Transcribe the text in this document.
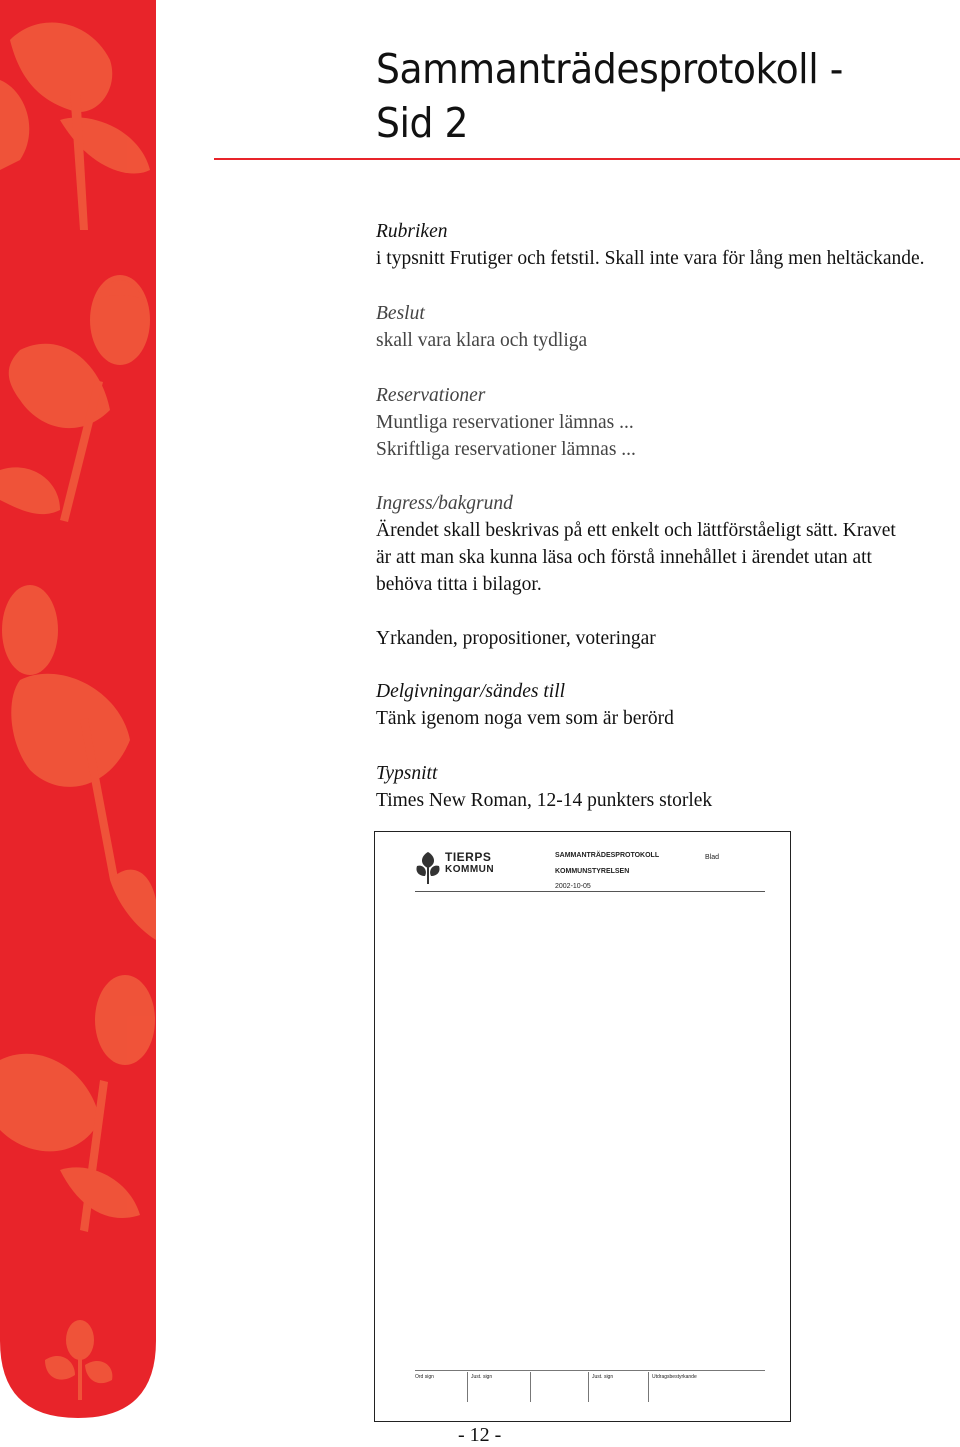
Sammanträdesprotokoll -
Sid 2
Rubriken
i typsnitt Frutiger och fetstil. Skall inte vara för lång men heltäckande.
Beslut
skall vara klara och tydliga
Reservationer
Muntliga reservationer lämnas ...
Skriftliga reservationer lämnas ...
Ingress/bakgrund
Ärendet skall beskrivas på ett enkelt och lättförståeligt sätt. Kravet
är att man ska kunna läsa och förstå innehållet i ärendet utan att
behöva titta i bilagor.
Yrkanden, propositioner, voteringar
Delgivningar/sändes till
Tänk igenom noga vem som är berörd
Typsnitt
Times New Roman, 12-14 punkters storlek
TIERPS
KOMMUN
SAMMANTRÄDESPROTOKOLL
KOMMUNSTYRELSEN
2002-10-05
Blad
Ord sign	Just. sign	Just. sign	Utdragsbestyrkande
- 12 -
